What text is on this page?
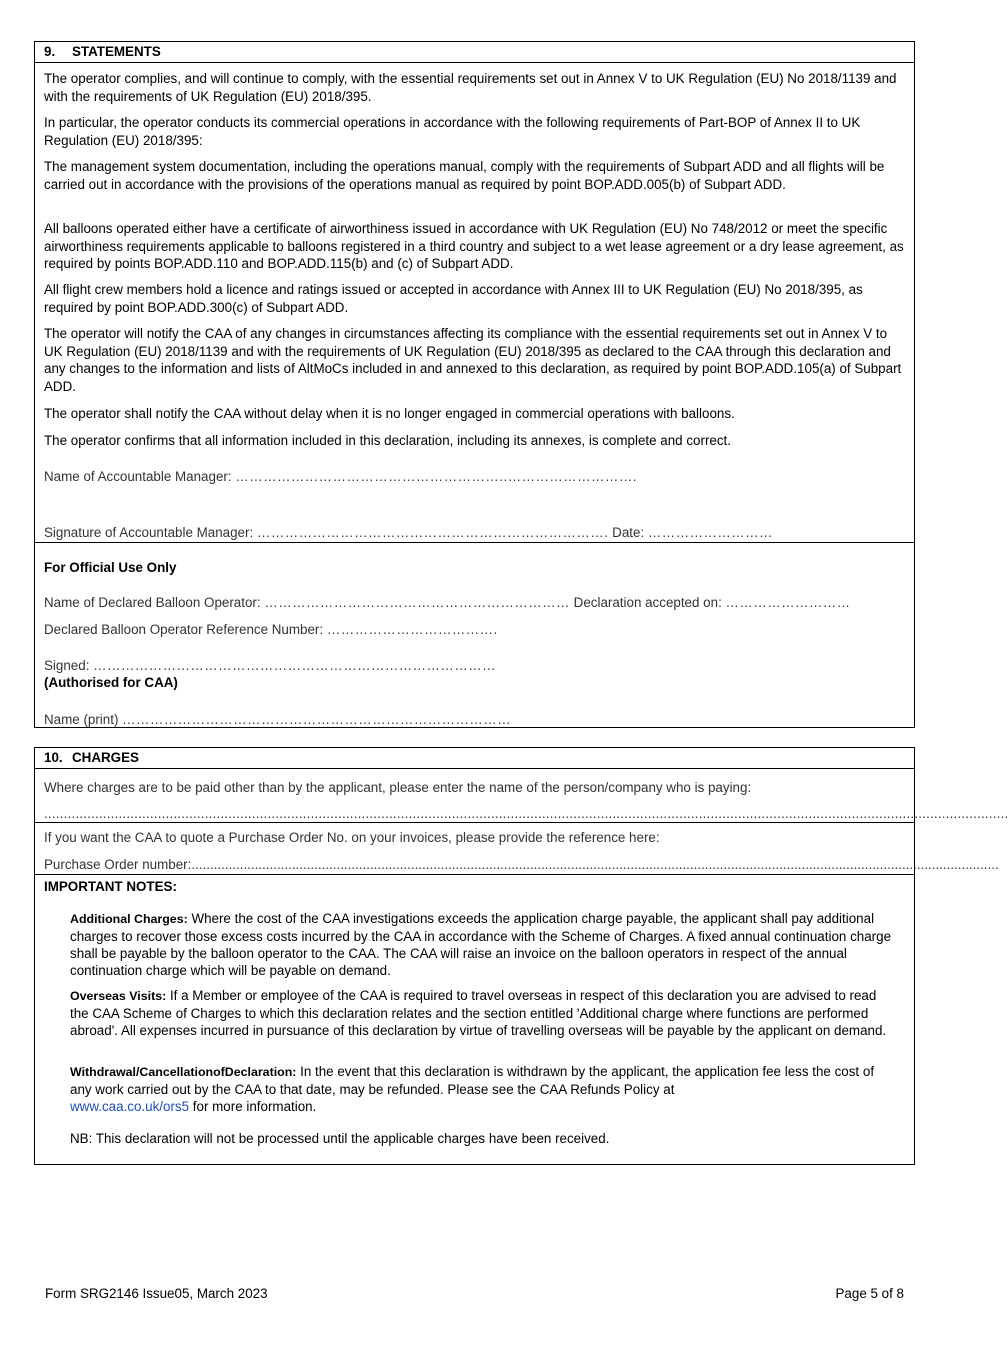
9. STATEMENTS

The operator complies, and will continue to comply, with the essential requirements set out in Annex V to UK Regulation (EU) No 2018/1139 and with the requirements of UK Regulation (EU) 2018/395.

In particular, the operator conducts its commercial operations in accordance with the following requirements of Part-BOP of Annex II to UK Regulation (EU) 2018/395:

The management system documentation, including the operations manual, comply with the requirements of Subpart ADD and all flights will be carried out in accordance with the provisions of the operations manual as required by point BOP.ADD.005(b) of Subpart ADD.

All balloons operated either have a certificate of airworthiness issued in accordance with UK Regulation (EU) No 748/2012 or meet the specific airworthiness requirements applicable to balloons registered in a third country and subject to a wet lease agreement or a dry lease agreement, as required by points BOP.ADD.110 and BOP.ADD.115(b) and (c) of Subpart ADD.

All flight crew members hold a licence and ratings issued or accepted in accordance with Annex III to UK Regulation (EU) No 2018/395, as required by point BOP.ADD.300(c) of Subpart ADD.

The operator will notify the CAA of any changes in circumstances affecting its compliance with the essential requirements set out in Annex V to UK Regulation (EU) 2018/1139 and with the requirements of UK Regulation (EU) 2018/395 as declared to the CAA through this declaration and any changes to the information and lists of AltMoCs included in and annexed to this declaration, as required by point BOP.ADD.105(a) of Subpart ADD.

The operator shall notify the CAA without delay when it is no longer engaged in commercial operations with balloons.

The operator confirms that all information included in this declaration, including its annexes, is complete and correct.

Name of Accountable Manager: …………………………………………………..……………………….
Signature of Accountable Manager: …………………………………………………………………. Date: ………………………
For Official Use Only
Name of Declared Balloon Operator: ………………………………………………………… Declaration accepted on: ………………………
Declared Balloon Operator Reference Number: ……………………………….
Signed: ……………………………………………………………………………
(Authorised for CAA)
Name (print) …………………………………………………………………………
10. CHARGES
Where charges are to be paid other than by the applicant, please enter the name of the person/company who is paying:
......................................................................................................................................................................................................................................................
If you want the CAA to quote a Purchase Order No. on your invoices, please provide the reference here:
Purchase Order number:.........................................................................................................................................................................................................................
IMPORTANT NOTES:

Additional Charges: Where the cost of the CAA investigations exceeds the application charge payable, the applicant shall pay additional charges to recover those excess costs incurred by the CAA in accordance with the Scheme of Charges. A fixed annual continuation charge shall be payable by the balloon operator to the CAA. The CAA will raise an invoice on the balloon operators in respect of the annual continuation charge which will be payable on demand.

Overseas Visits: If a Member or employee of the CAA is required to travel overseas in respect of this declaration you are advised to read the CAA Scheme of Charges to which this declaration relates and the section entitled 'Additional charge where functions are performed abroad'. All expenses incurred in pursuance of this declaration by virtue of travelling overseas will be payable by the applicant on demand.

Withdrawal/CancellationofDeclaration: In the event that this declaration is withdrawn by the applicant, the application fee less the cost of any work carried out by the CAA to that date, may be refunded. Please see the CAA Refunds Policy at
www.caa.co.uk/ors5 for more information.

NB: This declaration will not be processed until the applicable charges have been received.

Form SRG2146 Issue05, March 2023	Page 5 of 8
